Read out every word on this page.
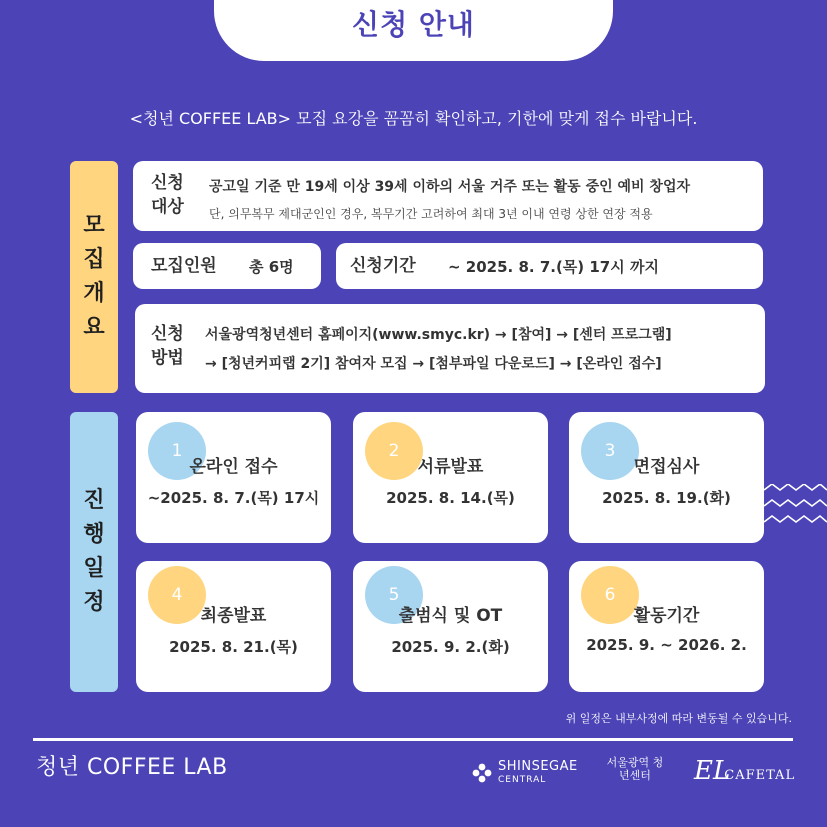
신청 안내
<청년 COFFEE LAB> 모집 요강을 꼼꼼히 확인하고, 기한에 맞게 접수 바랍니다.
모
집
개
요
신청 대상
공고일 기준 만 19세 이상 39세 이하의 서울 거주 또는 활동 중인 예비 창업자
단, 의무복무 제대군인인 경우, 복무기간 고려하여 최대 3년 이내 연령 상한 연장 적용
모집인원 총 6명	신청기간 ~ 2025. 8. 7.(목) 17시 까지
신청 방법
서울광역청년센터 홈페이지(www.smyc.kr) → [참여] → [센터 프로그램]
→ [청년커피랩 2기] 참여자 모집 → [첨부파일 다운로드] → [온라인 접수]
진
행
일
정
1
온라인 접수
~2025. 8. 7.(목) 17시
2
서류발표
2025. 8. 14.(목)
3
면접심사
2025. 8. 19.(화)
4
최종발표
2025. 8. 21.(목)
5
출범식 및 OT
2025. 9. 2.(화)
6
활동기간
2025. 9. ~ 2026. 2.
위 일정은 내부사정에 따라 변동될 수 있습니다.
청년 COFFEE LAB	SHINSEGAE
CENTRAL
서울광역 청년센터	EL
CAFETAL
